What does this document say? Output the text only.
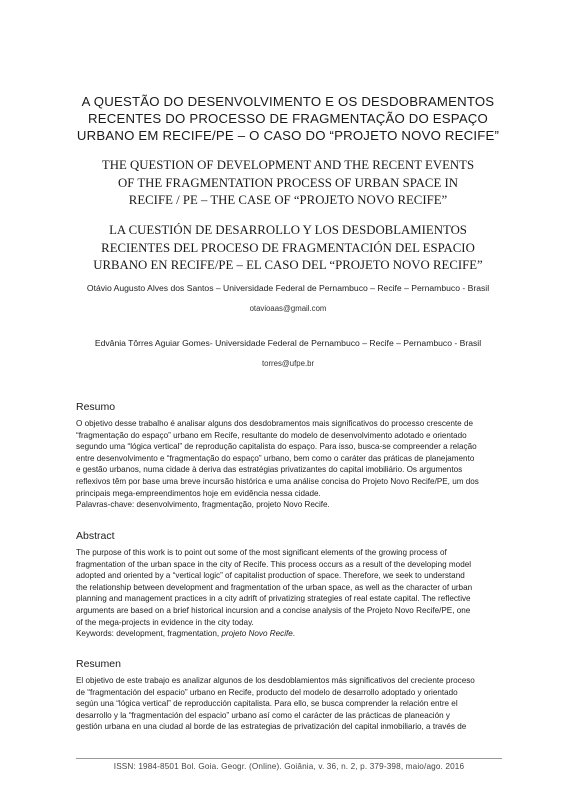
A QUESTÃO DO DESENVOLVIMENTO E OS DESDOBRAMENTOS
RECENTES DO PROCESSO DE FRAGMENTAÇÃO DO ESPAÇO
URBANO EM RECIFE/PE – O CASO DO “PROJETO NOVO RECIFE”
THE QUESTION OF DEVELOPMENT AND THE RECENT EVENTS
OF THE FRAGMENTATION PROCESS OF URBAN SPACE IN
RECIFE / PE – THE CASE OF “PROJETO NOVO RECIFE”
LA CUESTIÓN DE DESARROLLO Y LOS DESDOBLAMIENTOS
RECIENTES DEL PROCESO DE FRAGMENTACIÓN DEL ESPACIO
URBANO EN RECIFE/PE – EL CASO DEL “PROJETO NOVO RECIFE”
Otávio Augusto Alves dos Santos – Universidade Federal de Pernambuco – Recife – Pernambuco - Brasil
otavioaas@gmail.com
Edvânia Tôrres Aguiar Gomes- Universidade Federal de Pernambuco – Recife – Pernambuco - Brasil
torres@ufpe.br
Resumo

O objetivo desse trabalho é analisar alguns dos desdobramentos mais significativos do processo crescente de

“fragmentação do espaço” urbano em Recife, resultante do modelo de desenvolvimento adotado e orientado

segundo uma “lógica vertical” de reprodução capitalista do espaço. Para isso, busca-se compreender a relação

entre desenvolvimento e “fragmentação do espaço” urbano, bem como o caráter das práticas de planejamento

e gestão urbanos, numa cidade à deriva das estratégias privatizantes do capital imobiliário. Os argumentos

reflexivos têm por base uma breve incursão histórica e uma análise concisa do Projeto Novo Recife/PE, um dos

principais mega-empreendimentos hoje em evidência nessa cidade.

Palavras-chave: desenvolvimento, fragmentação, projeto Novo Recife.

Abstract

The purpose of this work is to point out some of the most significant elements of the growing process of

fragmentation of the urban space in the city of Recife. This process occurs as a result of the developing model

adopted and oriented by a “vertical logic” of capitalist production of space. Therefore, we seek to understand

the relationship between development and fragmentation of the urban space, as well as the character of urban

planning and management practices in a city adrift of privatizing strategies of real estate capital. The reflective

arguments are based on a brief historical incursion and a concise analysis of the Projeto Novo Recife/PE, one

of the mega-projects in evidence in the city today.

Keywords: development, fragmentation, projeto Novo Recife.

Resumen

El objetivo de este trabajo es analizar algunos de los desdoblamientos más significativos del creciente proceso

de “fragmentación del espacio” urbano en Recife, producto del modelo de desarrollo adoptado y orientado

según una “lógica vertical” de reproducción capitalista. Para ello, se busca comprender la relación entre el

desarrollo y la “fragmentación del espacio” urbano así como el carácter de las prácticas de planeación y

gestión urbana en una ciudad al borde de las estrategias de privatización del capital inmobiliario, a través de

ISSN: 1984-8501 Bol. Goia. Geogr. (Online). Goiânia, v. 36, n. 2, p. 379-398, maio/ago. 2016
